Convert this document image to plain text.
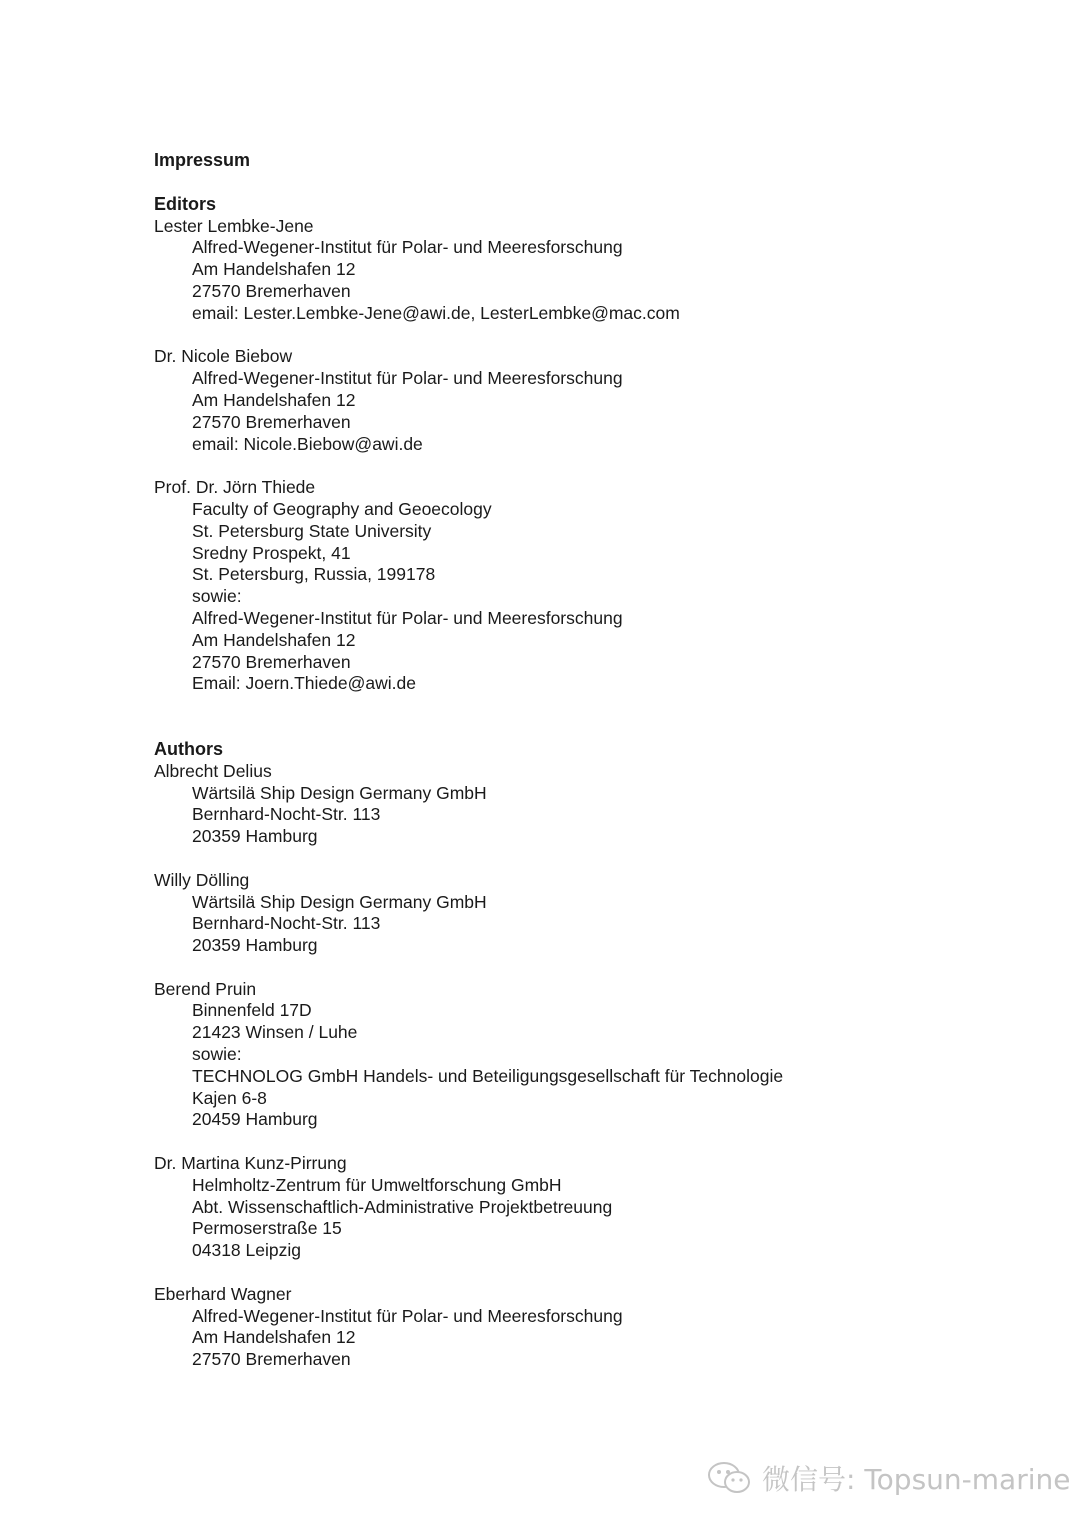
Impressum
Editors
Lester Lembke-Jene
Alfred-Wegener-Institut für Polar- und Meeresforschung
Am Handelshafen 12
27570 Bremerhaven
email: Lester.Lembke-Jene@awi.de, LesterLembke@mac.com
Dr. Nicole Biebow
Alfred-Wegener-Institut für Polar- und Meeresforschung
Am Handelshafen 12
27570 Bremerhaven
email: Nicole.Biebow@awi.de
Prof. Dr. Jörn Thiede
Faculty of Geography and Geoecology
St. Petersburg State University
Sredny Prospekt, 41
St. Petersburg, Russia, 199178
sowie:
Alfred-Wegener-Institut für Polar- und Meeresforschung
Am Handelshafen 12
27570 Bremerhaven
Email: Joern.Thiede@awi.de
Authors
Albrecht Delius
Wärtsilä Ship Design Germany GmbH
Bernhard-Nocht-Str. 113
20359 Hamburg
Willy Dölling
Wärtsilä Ship Design Germany GmbH
Bernhard-Nocht-Str. 113
20359 Hamburg
Berend Pruin
Binnenfeld 17D
21423 Winsen / Luhe
sowie:
TECHNOLOG GmbH Handels- und Beteiligungsgesellschaft für Technologie
Kajen 6-8
20459 Hamburg
Dr. Martina Kunz-Pirrung
Helmholtz-Zentrum für Umweltforschung GmbH
Abt. Wissenschaftlich-Administrative Projektbetreuung
Permoserstraße 15
04318 Leipzig
Eberhard Wagner
Alfred-Wegener-Institut für Polar- und Meeresforschung
Am Handelshafen 12
27570 Bremerhaven
微信号: Topsun-marine
